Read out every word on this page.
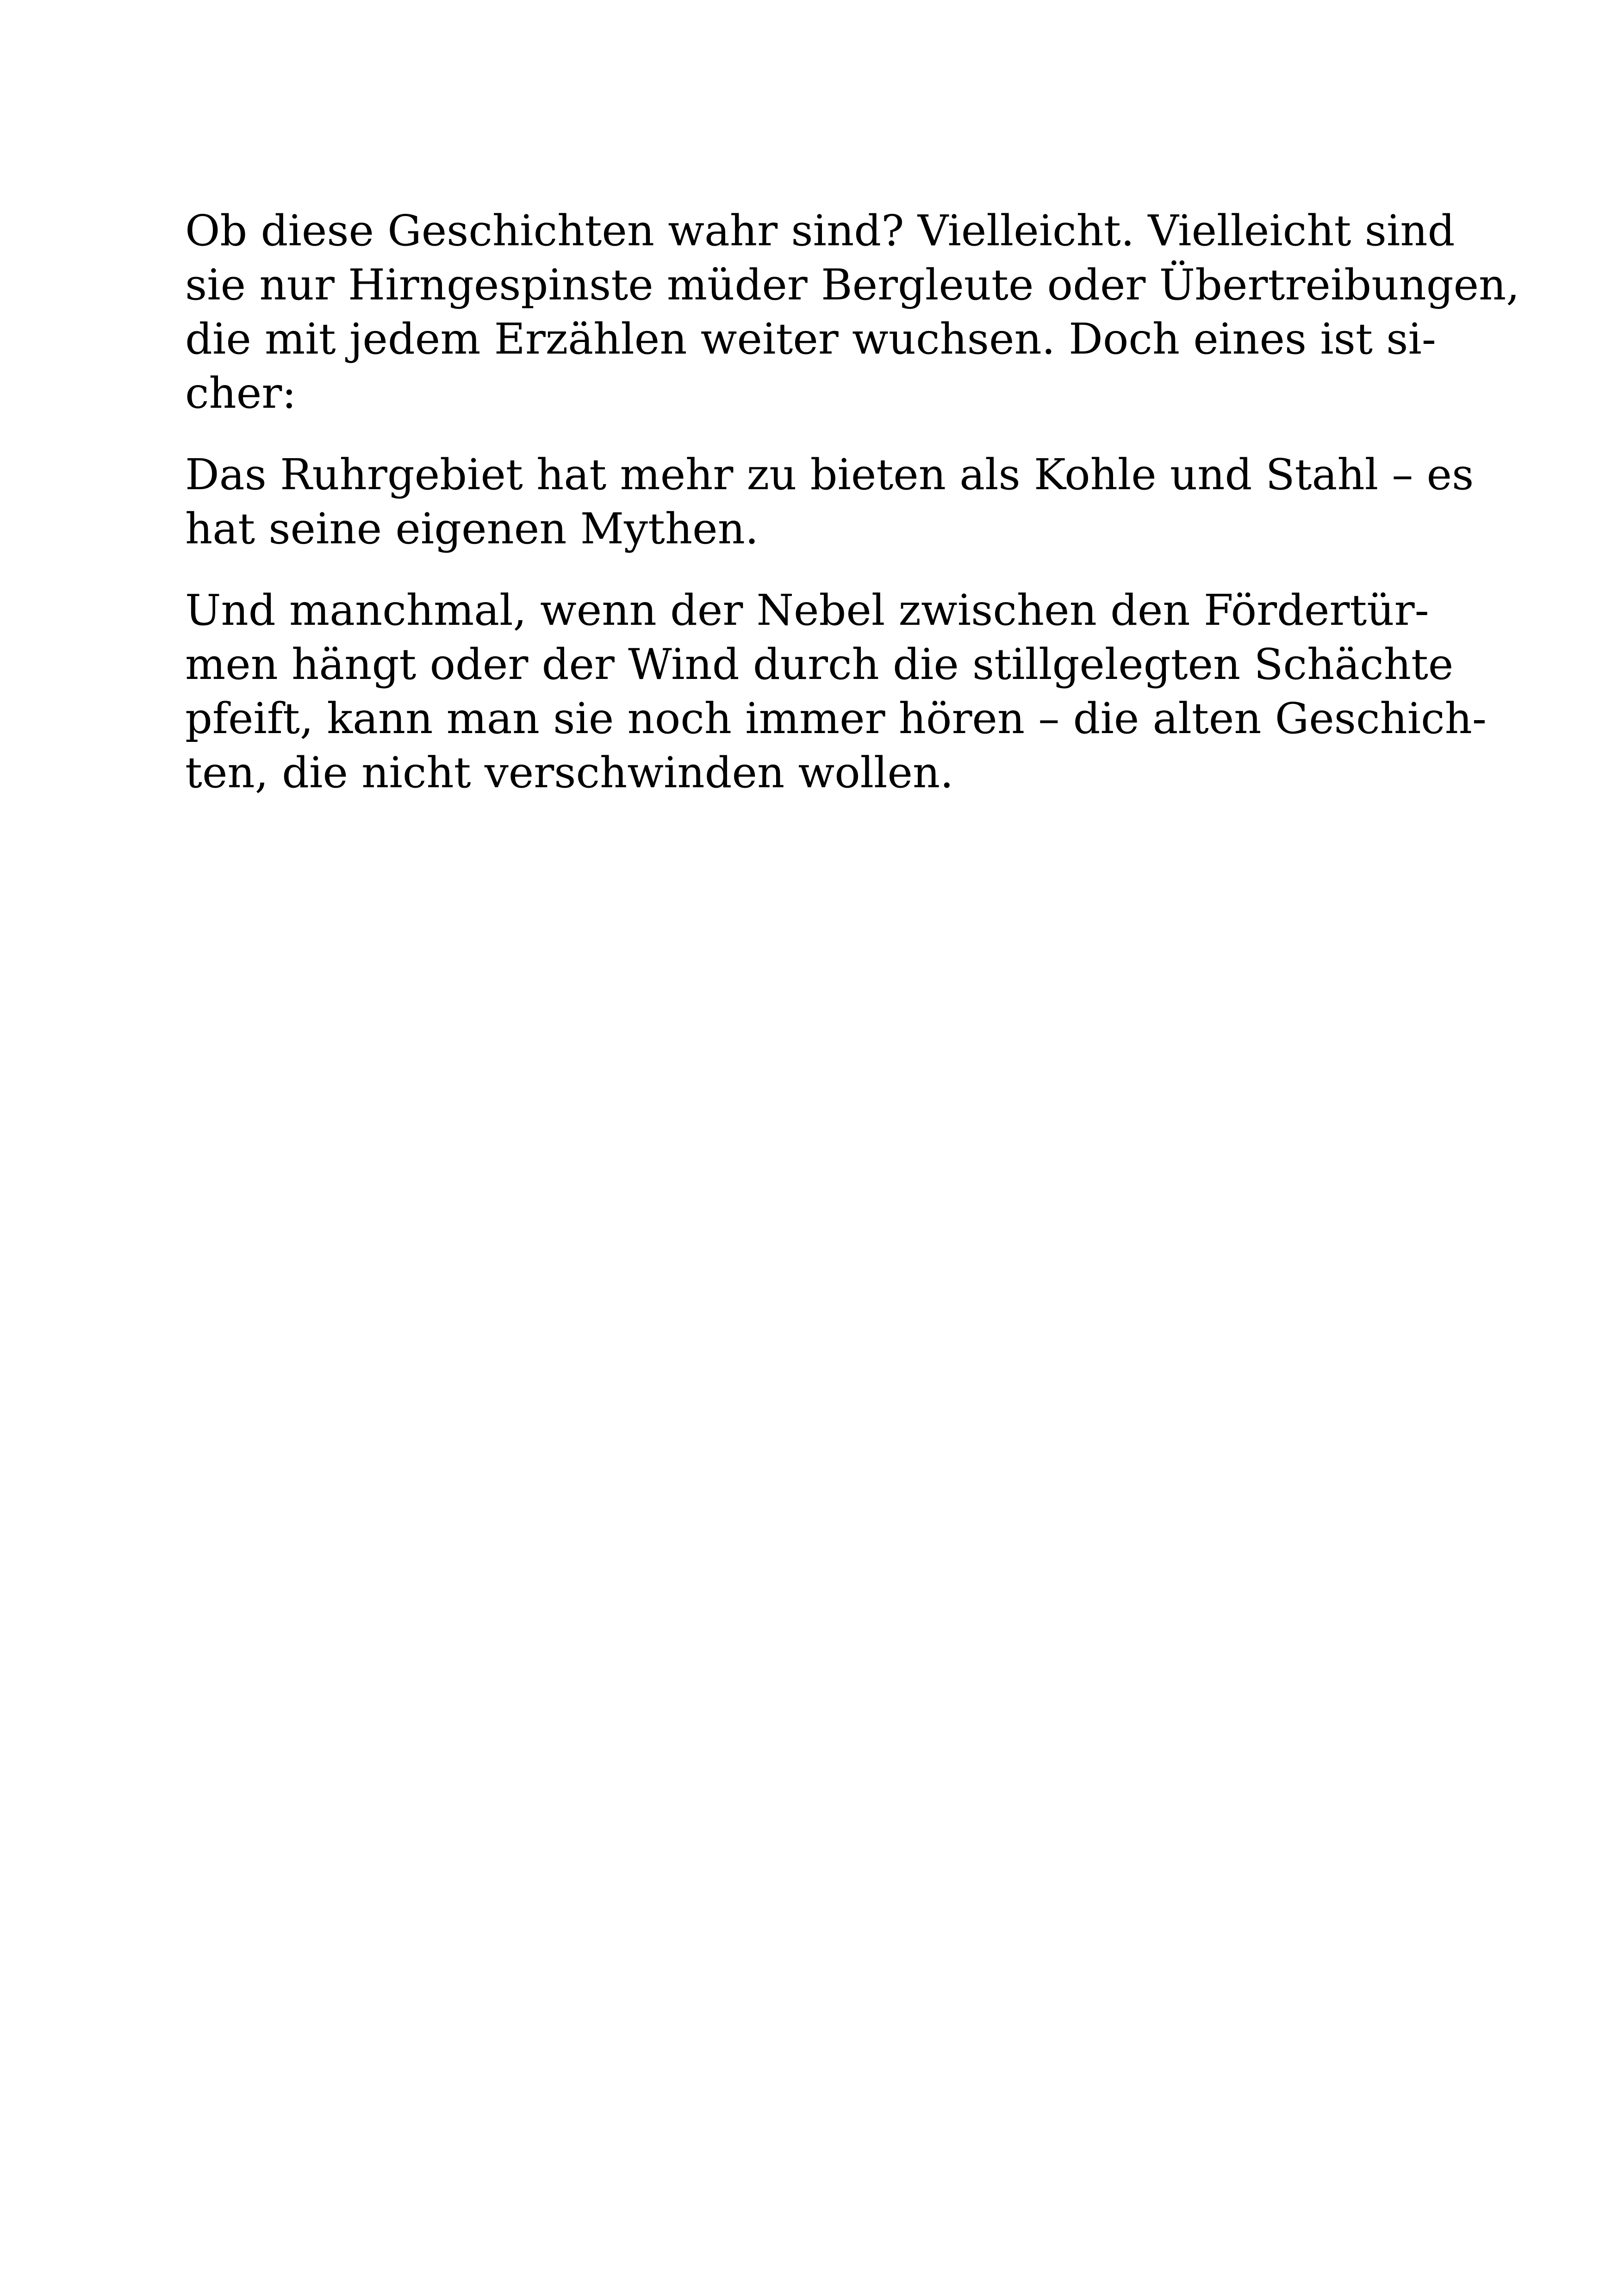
Ob diese Geschichten wahr sind? Vielleicht. Vielleicht sind
sie nur Hirngespinste müder Bergleute oder Übertreibungen,
die mit jedem Erzählen weiter wuchsen. Doch eines ist si-
cher:

Das Ruhrgebiet hat mehr zu bieten als Kohle und Stahl – es
hat seine eigenen Mythen.

Und manchmal, wenn der Nebel zwischen den Fördertür-
men hängt oder der Wind durch die stillgelegten Schächte
pfeift, kann man sie noch immer hören – die alten Geschich-
ten, die nicht verschwinden wollen.
